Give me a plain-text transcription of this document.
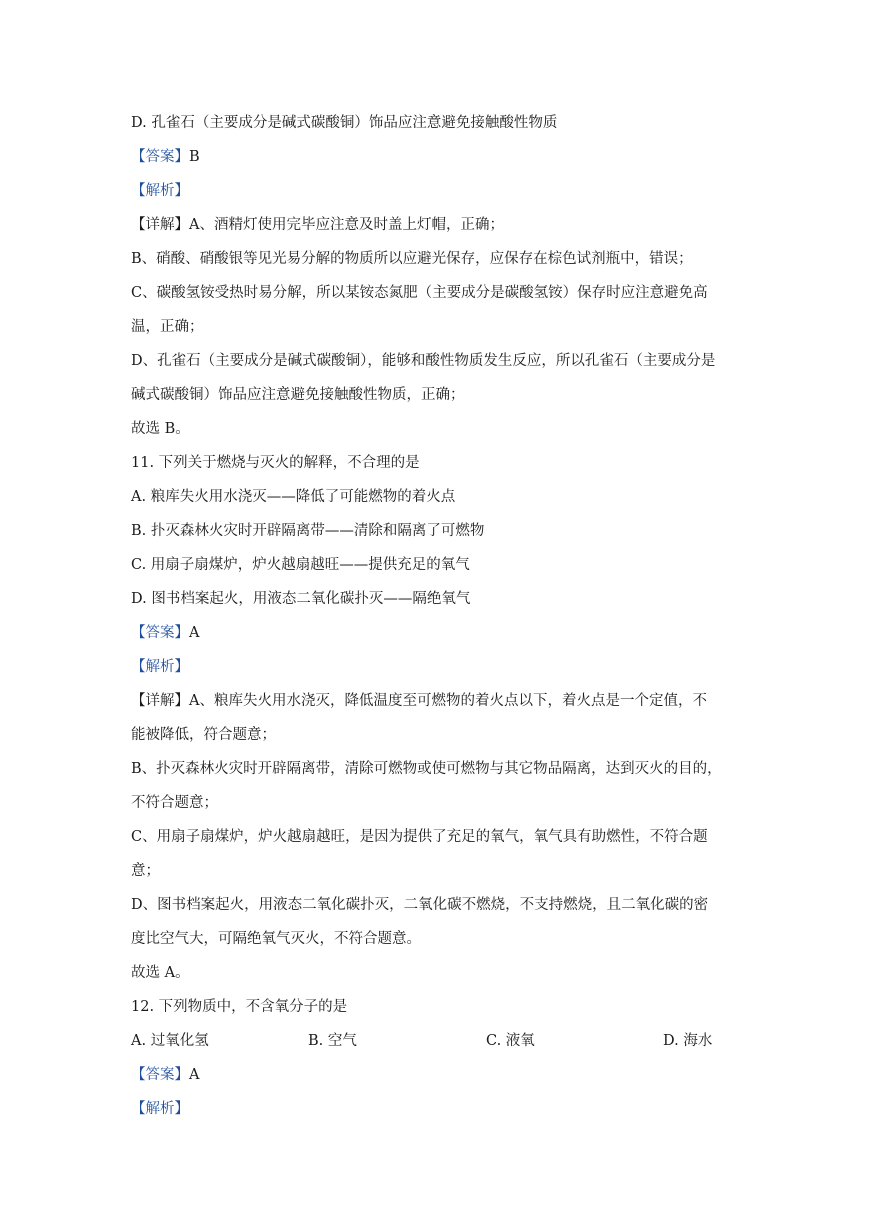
D. 孔雀石（主要成分是碱式碳酸铜）饰品应注意避免接触酸性物质
【答案】B
【解析】
【详解】A、酒精灯使用完毕应注意及时盖上灯帽，正确；
B、硝酸、硝酸银等见光易分解的物质所以应避光保存，应保存在棕色试剂瓶中，错误；
C、碳酸氢铵受热时易分解，所以某铵态氮肥（主要成分是碳酸氢铵）保存时应注意避免高
温，正确；
D、孔雀石（主要成分是碱式碳酸铜），能够和酸性物质发生反应，所以孔雀石（主要成分是
碱式碳酸铜）饰品应注意避免接触酸性物质，正确；
故选 B。
11. 下列关于燃烧与灭火的解释，不合理的是
A. 粮库失火用水浇灭——降低了可能燃物的着火点
B. 扑灭森林火灾时开辟隔离带——清除和隔离了可燃物
C. 用扇子扇煤炉，炉火越扇越旺——提供充足的氧气
D. 图书档案起火，用液态二氧化碳扑灭——隔绝氧气
【答案】A
【解析】
【详解】A、粮库失火用水浇灭，降低温度至可燃物的着火点以下，着火点是一个定值，不
能被降低，符合题意；
B、扑灭森林火灾时开辟隔离带，清除可燃物或使可燃物与其它物品隔离，达到灭火的目的，
不符合题意；
C、用扇子扇煤炉，炉火越扇越旺，是因为提供了充足的氧气，氧气具有助燃性，不符合题
意；
D、图书档案起火，用液态二氧化碳扑灭，二氧化碳不燃烧，不支持燃烧，且二氧化碳的密
度比空气大，可隔绝氧气灭火，不符合题意。
故选 A。
12. 下列物质中，不含氧分子的是
A. 过氧化氢	B. 空气	C. 液氧	D. 海水
【答案】A
【解析】
